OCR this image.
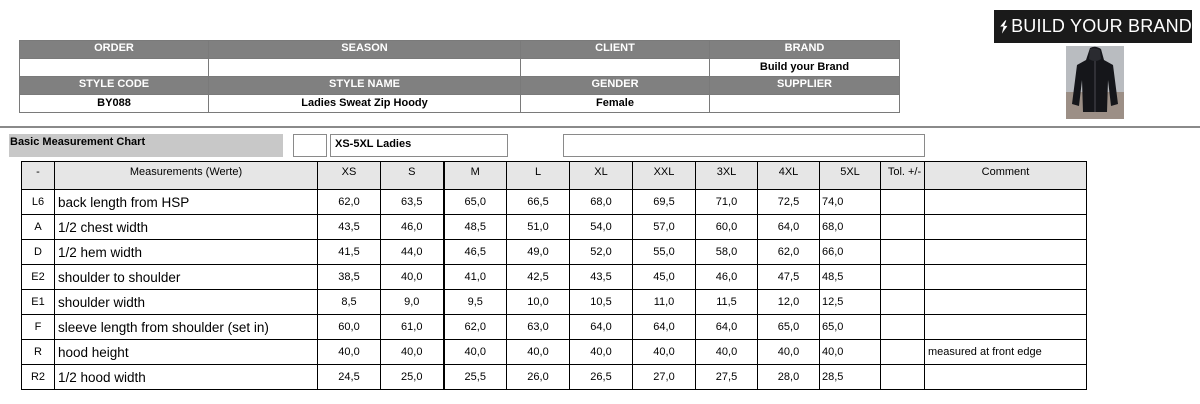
BUILD YOUR BRAND
ORDER	SEASON	CLIENT	BRAND
			Build your Brand
STYLE CODE	STYLE NAME	GENDER	SUPPLIER
BY088	Ladies Sweat Zip Hoody	Female	
Basic Measurement Chart	XS-5XL Ladies
-	Measurements (Werte)	XS	S	M	L	XL	XXL	3XL	4XL	5XL	Tol. +/-	Comment
L6	back length from HSP	62,0	63,5	65,0	66,5	68,0	69,5	71,0	72,5	74,0		
A	1/2 chest width	43,5	46,0	48,5	51,0	54,0	57,0	60,0	64,0	68,0		
D	1/2 hem width	41,5	44,0	46,5	49,0	52,0	55,0	58,0	62,0	66,0		
E2	shoulder to shoulder	38,5	40,0	41,0	42,5	43,5	45,0	46,0	47,5	48,5		
E1	shoulder width	8,5	9,0	9,5	10,0	10,5	11,0	11,5	12,0	12,5		
F	sleeve length from shoulder (set in)	60,0	61,0	62,0	63,0	64,0	64,0	64,0	65,0	65,0		
R	hood height	40,0	40,0	40,0	40,0	40,0	40,0	40,0	40,0	40,0		measured at front edge
R2	1/2 hood width	24,5	25,0	25,5	26,0	26,5	27,0	27,5	28,0	28,5		
